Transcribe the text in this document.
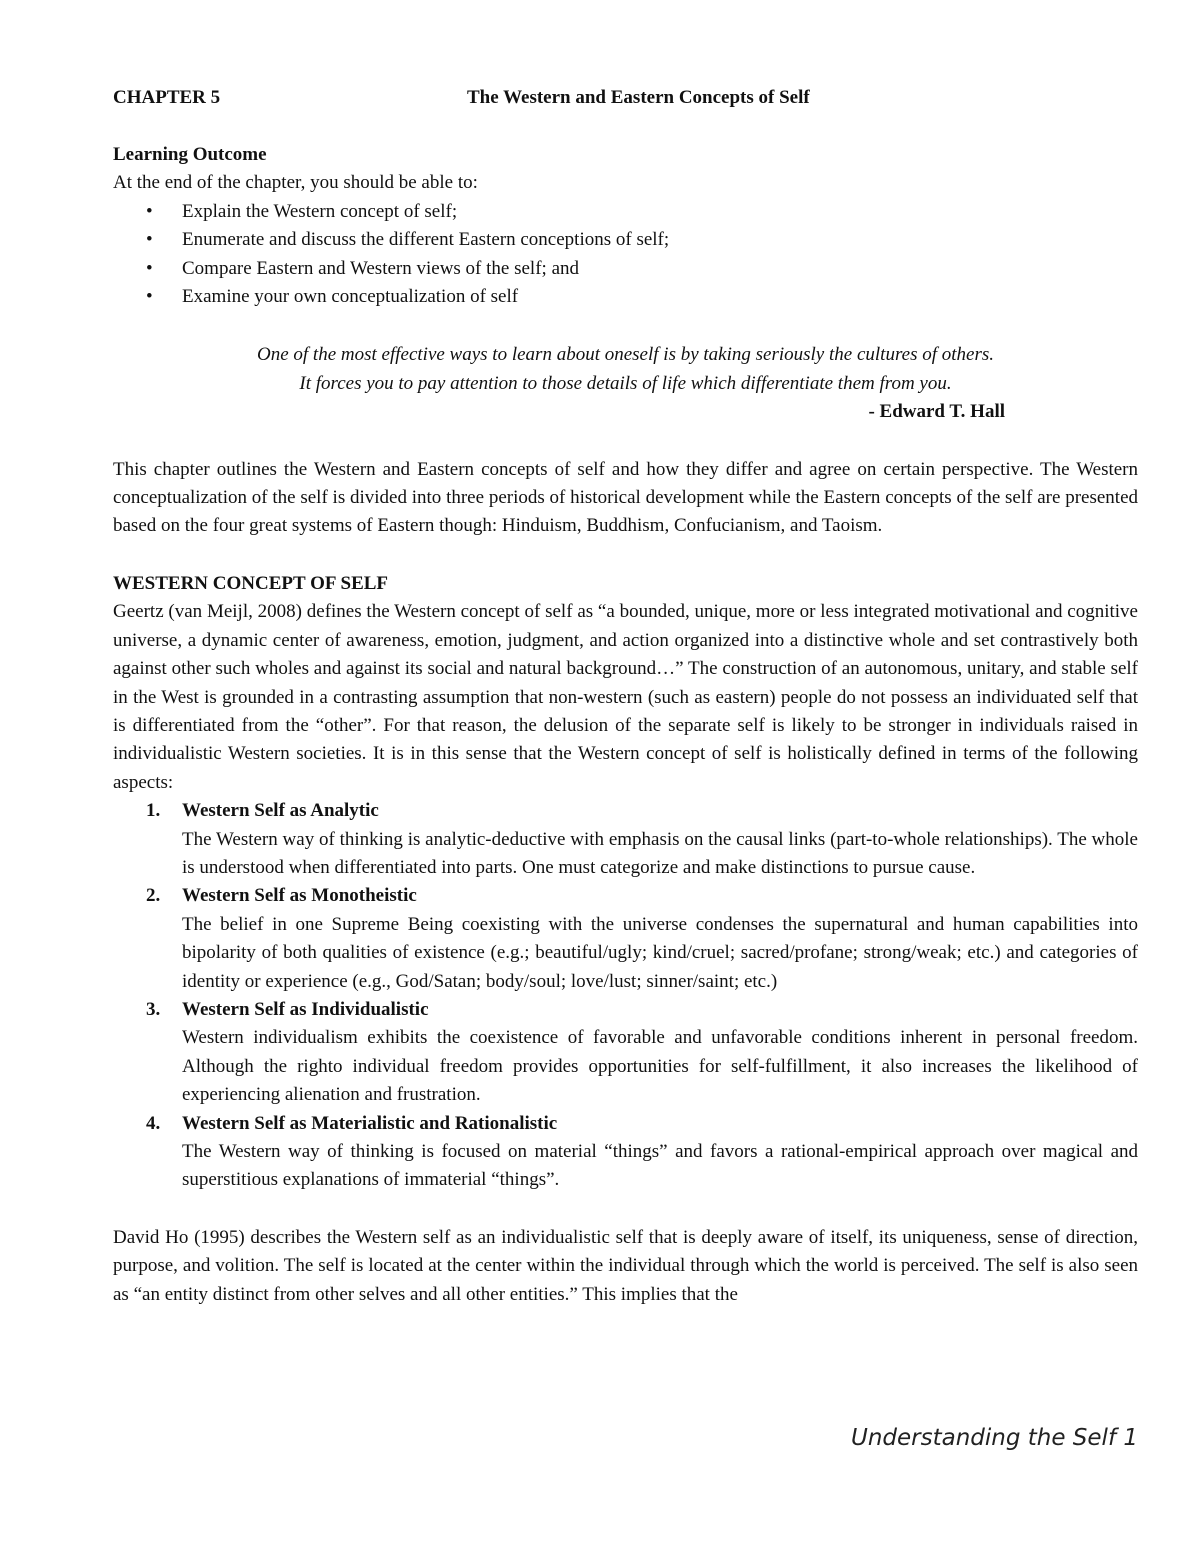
CHAPTER 5	The Western and Eastern Concepts of Self
Learning Outcome
At the end of the chapter, you should be able to:
• Explain the Western concept of self;
• Enumerate and discuss the different Eastern conceptions of self;
• Compare Eastern and Western views of the self; and
• Examine your own conceptualization of self
One of the most effective ways to learn about oneself is by taking seriously the cultures of others.
It forces you to pay attention to those details of life which differentiate them from you.
- Edward T. Hall

This chapter outlines the Western and Eastern concepts of self and how they differ and agree on certain perspective. The Western conceptualization of the self is divided into three periods of historical development while the Eastern concepts of the self are presented based on the four great systems of Eastern though: Hinduism, Buddhism, Confucianism, and Taoism.

WESTERN CONCEPT OF SELF

Geertz (van Meijl, 2008) defines the Western concept of self as “a bounded, unique, more or less integrated motivational and cognitive universe, a dynamic center of awareness, emotion, judgment, and action organized into a distinctive whole and set contrastively both against other such wholes and against its social and natural background…” The construction of an autonomous, unitary, and stable self in the West is grounded in a contrasting assumption that non-western (such as eastern) people do not possess an individuated self that is differentiated from the “other”. For that reason, the delusion of the separate self is likely to be stronger in individuals raised in individualistic Western societies. It is in this sense that the Western concept of self is holistically defined in terms of the following aspects:

1. Western Self as Analytic

The Western way of thinking is analytic-deductive with emphasis on the causal links (part-to-whole relationships). The whole is understood when differentiated into parts. One must categorize and make distinctions to pursue cause.

2. Western Self as Monotheistic

The belief in one Supreme Being coexisting with the universe condenses the supernatural and human capabilities into bipolarity of both qualities of existence (e.g.; beautiful/ugly; kind/cruel; sacred/profane; strong/weak; etc.) and categories of identity or experience (e.g., God/Satan; body/soul; love/lust; sinner/saint; etc.)

3. Western Self as Individualistic

Western individualism exhibits the coexistence of favorable and unfavorable conditions inherent in personal freedom. Although the righto individual freedom provides opportunities for self-fulfillment, it also increases the likelihood of experiencing alienation and frustration.

4. Western Self as Materialistic and Rationalistic

The Western way of thinking is focused on material “things” and favors a rational-empirical approach over magical and superstitious explanations of immaterial “things”.

David Ho (1995) describes the Western self as an individualistic self that is deeply aware of itself, its uniqueness, sense of direction, purpose, and volition. The self is located at the center within the individual through which the world is perceived. The self is also seen as “an entity distinct from other selves and all other entities.” This implies that the

Understanding the Self 1
